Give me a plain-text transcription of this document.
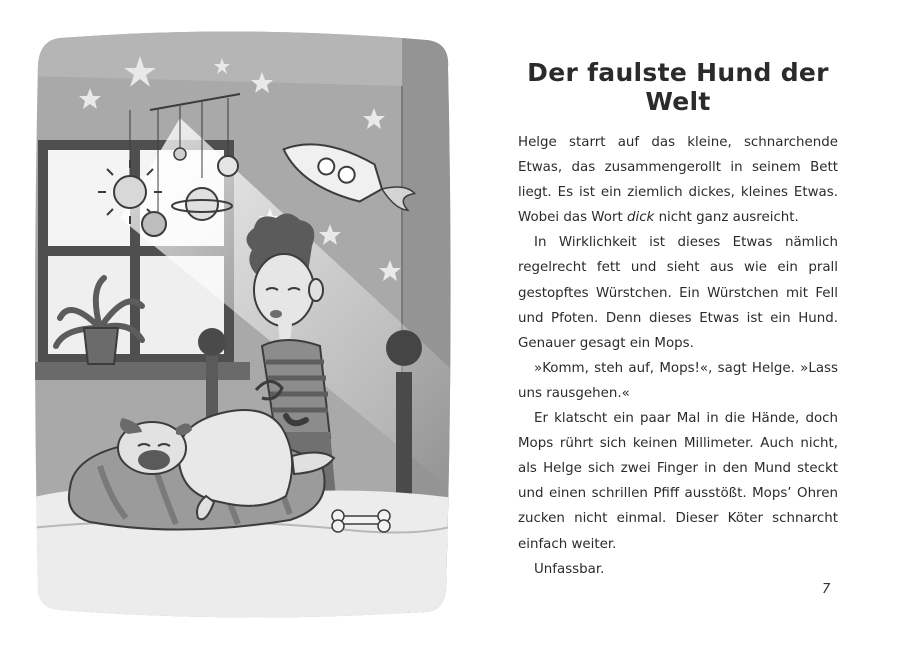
Der faulste Hund der Welt

Helge starrt auf das kleine, schnarchende Etwas, das zusammengerollt in seinem Bett liegt. Es ist ein ziemlich dickes, kleines Etwas. Wobei das Wort dick nicht ganz ausreicht.

In Wirklichkeit ist dieses Etwas nämlich regelrecht fett und sieht aus wie ein prall gestopftes Würstchen. Ein Würstchen mit Fell und Pfoten. Denn dieses Etwas ist ein Hund. Genauer gesagt ein Mops.

»Komm, steh auf, Mops!«, sagt Helge. »Lass uns rausgehen.«

Er klatscht ein paar Mal in die Hände, doch Mops rührt sich keinen Millimeter. Auch nicht, als Helge sich zwei Finger in den Mund steckt und einen schrillen Pfiff ausstößt. Mops’ Ohren zucken nicht einmal. Dieser Köter schnarcht einfach weiter.

Unfassbar.

7
